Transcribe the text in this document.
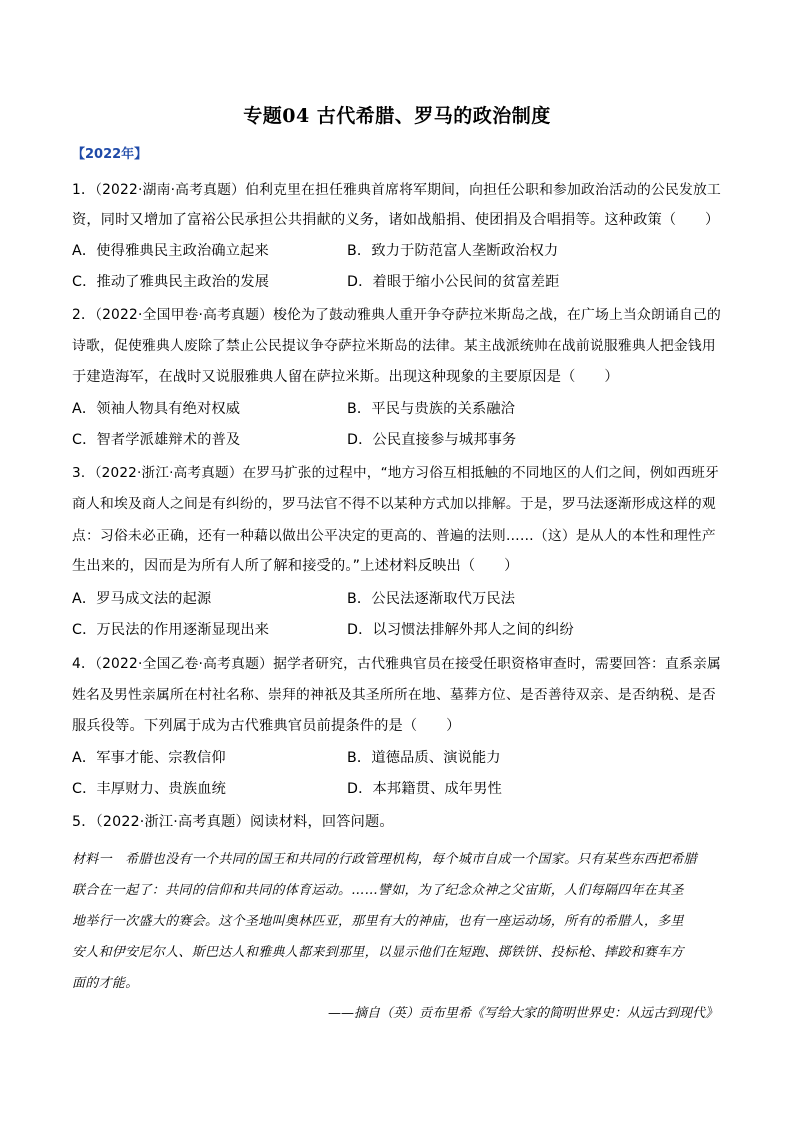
专题04 古代希腊、罗马的政治制度
【2022年】
1．（2022·湖南·高考真题）伯利克里在担任雅典首席将军期间，向担任公职和参加政治活动的公民发放工
资，同时又增加了富裕公民承担公共捐献的义务，诸如战船捐、使团捐及合唱捐等。这种政策（　　）
A．使得雅典民主政治确立起来	B．致力于防范富人垄断政治权力
C．推动了雅典民主政治的发展	D．着眼于缩小公民间的贫富差距
2．（2022·全国甲卷·高考真题）梭伦为了鼓动雅典人重开争夺萨拉米斯岛之战，在广场上当众朗诵自己的
诗歌，促使雅典人废除了禁止公民提议争夺萨拉米斯岛的法律。某主战派统帅在战前说服雅典人把金钱用
于建造海军，在战时又说服雅典人留在萨拉米斯。出现这种现象的主要原因是（　　）
A．领袖人物具有绝对权威	B．平民与贵族的关系融洽
C．智者学派雄辩术的普及	D．公民直接参与城邦事务
3．（2022·浙江·高考真题）在罗马扩张的过程中，“地方习俗互相抵触的不同地区的人们之间，例如西班牙
商人和埃及商人之间是有纠纷的，罗马法官不得不以某种方式加以排解。于是，罗马法逐渐形成这样的观
点：习俗未必正确，还有一种藉以做出公平决定的更高的、普遍的法则……（这）是从人的本性和理性产
生出来的，因而是为所有人所了解和接受的。”上述材料反映出（　　）
A．罗马成文法的起源	B．公民法逐渐取代万民法
C．万民法的作用逐渐显现出来	D．以习惯法排解外邦人之间的纠纷
4．（2022·全国乙卷·高考真题）据学者研究，古代雅典官员在接受任职资格审查时，需要回答：直系亲属
姓名及男性亲属所在村社名称、崇拜的神祇及其圣所所在地、墓葬方位、是否善待双亲、是否纳税、是否
服兵役等。下列属于成为古代雅典官员前提条件的是（　　）
A．军事才能、宗教信仰	B．道德品质、演说能力
C．丰厚财力、贵族血统	D．本邦籍贯、成年男性
5．（2022·浙江·高考真题）阅读材料，回答问题。
材料一　希腊也没有一个共同的国王和共同的行政管理机构，每个城市自成一个国家。只有某些东西把希腊
联合在一起了：共同的信仰和共同的体育运动。……譬如，为了纪念众神之父宙斯，人们每隔四年在其圣
地举行一次盛大的赛会。这个圣地叫奥林匹亚，那里有大的神庙，也有一座运动场，所有的希腊人，多里
安人和伊安尼尔人、斯巴达人和雅典人都来到那里，以显示他们在短跑、掷铁饼、投标枪、摔跤和赛车方
面的才能。
——摘自（英）贡布里希《写给大家的简明世界史：从远古到现代》
